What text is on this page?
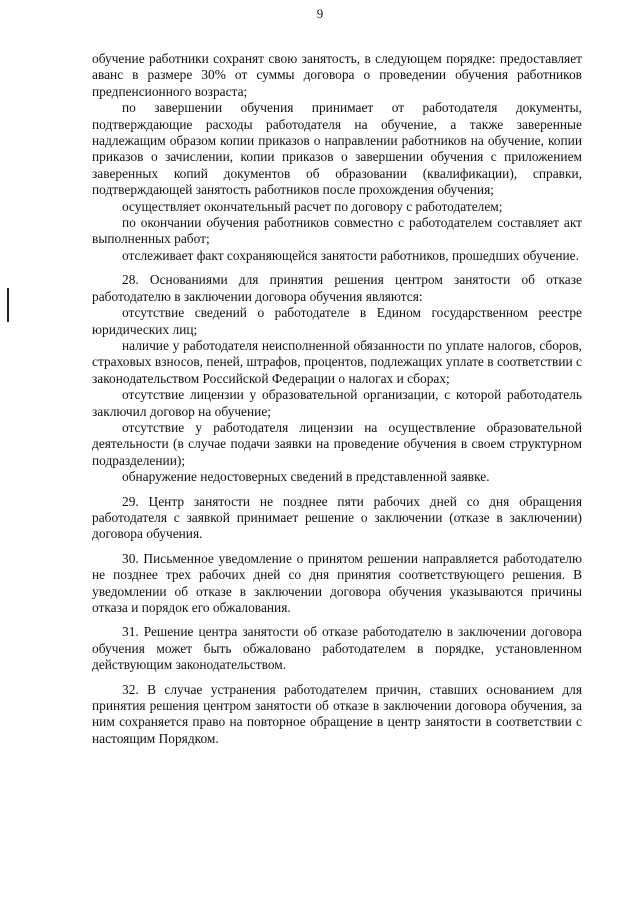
9

обучение работники сохранят свою занятость, в следующем порядке: предоставляет аванс в размере 30% от суммы договора о проведении обучения работников предпенсионного возраста;

по завершении обучения принимает от работодателя документы, подтверждающие расходы работодателя на обучение, а также заверенные надлежащим образом копии приказов о направлении работников на обучение, копии приказов о зачислении, копии приказов о завершении обучения с приложением заверенных копий документов об образовании (квалификации), справки, подтверждающей занятость работников после прохождения обучения;

осуществляет окончательный расчет по договору с работодателем;

по окончании обучения работников совместно с работодателем составляет акт выполненных работ;

отслеживает факт сохраняющейся занятости работников, прошедших обучение.

28. Основаниями для принятия решения центром занятости об отказе работодателю в заключении договора обучения являются:

отсутствие сведений о работодателе в Едином государственном реестре юридических лиц;

наличие у работодателя неисполненной обязанности по уплате налогов, сборов, страховых взносов, пеней, штрафов, процентов, подлежащих уплате в соответствии с законодательством Российской Федерации о налогах и сборах;

отсутствие лицензии у образовательной организации, с которой работодатель заключил договор на обучение;

отсутствие у работодателя лицензии на осуществление образовательной деятельности (в случае подачи заявки на проведение обучения в своем структурном подразделении);

обнаружение недостоверных сведений в представленной заявке.

29. Центр занятости не позднее пяти рабочих дней со дня обращения работодателя с заявкой принимает решение о заключении (отказе в заключении) договора обучения.

30. Письменное уведомление о принятом решении направляется работодателю не позднее трех рабочих дней со дня принятия соответствующего решения. В уведомлении об отказе в заключении договора обучения указываются причины отказа и порядок его обжалования.

31. Решение центра занятости об отказе работодателю в заключении договора обучения может быть обжаловано работодателем в порядке, установленном действующим законодательством.

32. В случае устранения работодателем причин, ставших основанием для принятия решения центром занятости об отказе в заключении договора обучения, за ним сохраняется право на повторное обращение в центр занятости в соответствии с настоящим Порядком.
